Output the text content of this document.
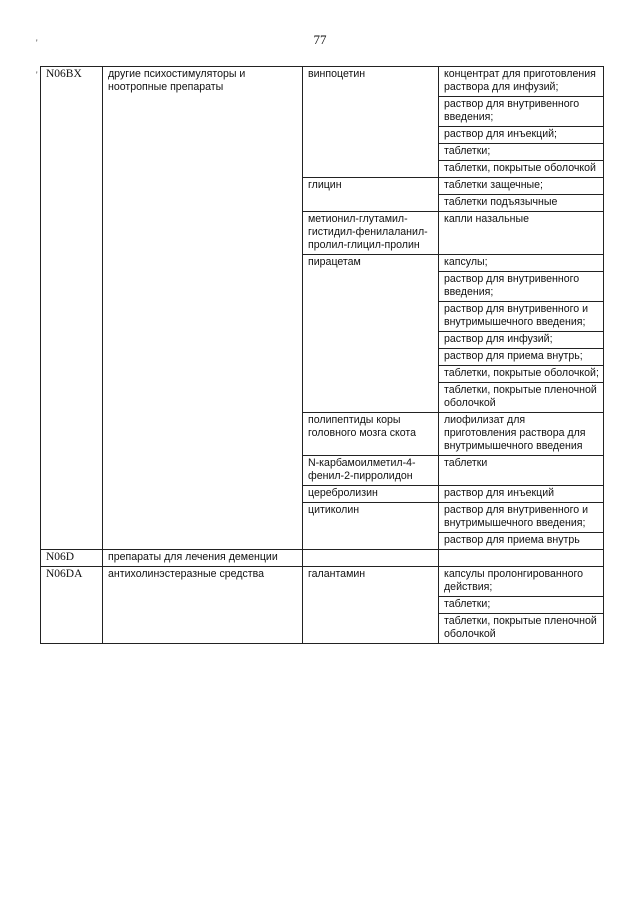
77
'
' N06BX	другие психостимуляторы и ноотропные препараты	винпоцетин	концентрат для приготовления раствора для инфузий;
			раствор для внутривенного введения;
			раствор для инъекций;
			таблетки;
			таблетки, покрытые оболочкой
		глицин	таблетки защечные;
			таблетки подъязычные
		метионил-глутамил-гистидил-фенилаланил-пролил-глицил-пролин	капли назальные
		пирацетам	капсулы;
			раствор для внутривенного введения;
			раствор для внутривенного и внутримышечного введения;
			раствор для инфузий;
			раствор для приема внутрь;
			таблетки, покрытые оболочкой;
			таблетки, покрытые пленочной оболочкой
		полипептиды коры головного мозга скота	лиофилизат для приготовления раствора для внутримышечного введения
		N-карбамоилметил-4-фенил-2-пирролидон	таблетки
		церебролизин	раствор для инъекций
		цитиколин	раствор для внутривенного и внутримышечного введения;
			раствор для приема внутрь
N06D	препараты для лечения деменции		
N06DA	антихолинэстеразные средства	галантамин	капсулы пролонгированного действия;
			таблетки;
			таблетки, покрытые пленочной оболочкой
